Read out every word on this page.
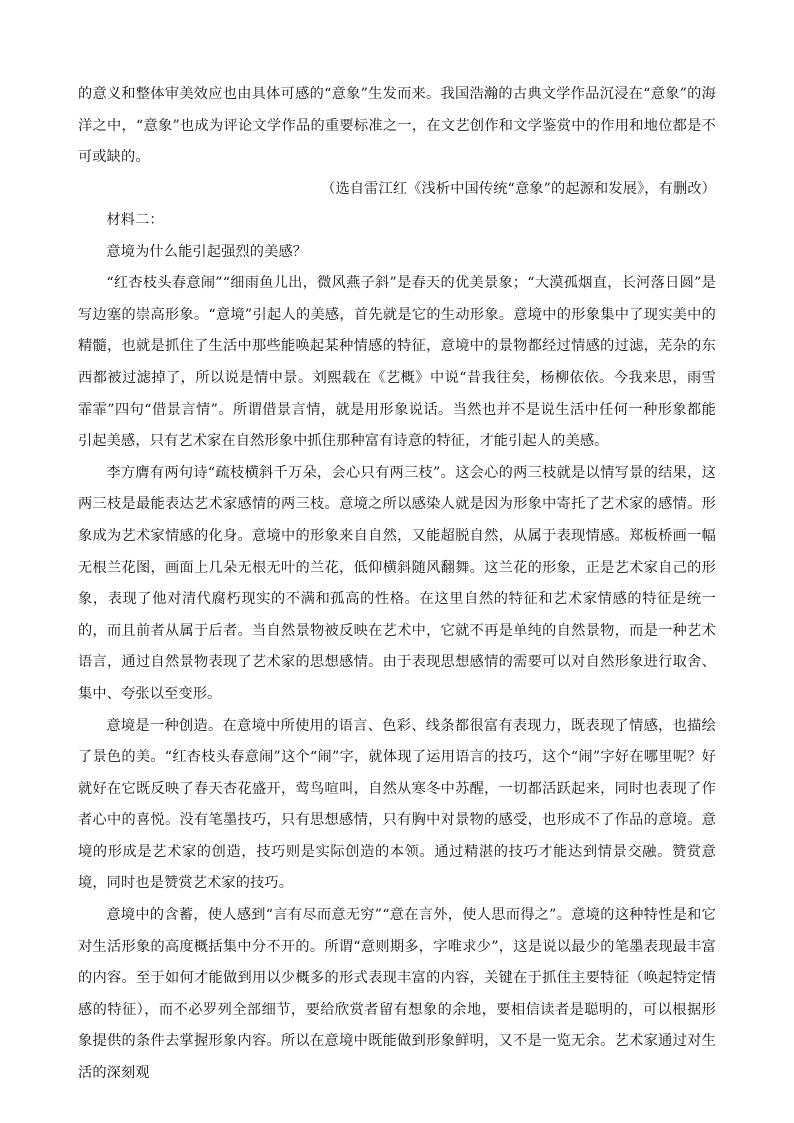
的意义和整体审美效应也由具体可感的“意象”生发而来。我国浩瀚的古典文学作品沉浸在“意象”的海洋之中，“意象”也成为评论文学作品的重要标准之一，在文艺创作和文学鉴赏中的作用和地位都是不可或缺的。

（选自雷江红《浅析中国传统“意象”的起源和发展》，有删改）

材料二：

意境为什么能引起强烈的美感？

“红杏枝头春意闹”“细雨鱼儿出，微风燕子斜”是春天的优美景象；“大漠孤烟直，长河落日圆”是写边塞的崇高形象。“意境”引起人的美感，首先就是它的生动形象。意境中的形象集中了现实美中的精髓，也就是抓住了生活中那些能唤起某种情感的特征，意境中的景物都经过情感的过滤，芜杂的东西都被过滤掉了，所以说是情中景。刘熙载在《艺概》中说“昔我往矣，杨柳依依。今我来思，雨雪霏霏”四句“借景言情”。所谓借景言情，就是用形象说话。当然也并不是说生活中任何一种形象都能引起美感，只有艺术家在自然形象中抓住那种富有诗意的特征，才能引起人的美感。

李方膺有两句诗“疏枝横斜千万朵，会心只有两三枝”。这会心的两三枝就是以情写景的结果，这两三枝是最能表达艺术家感情的两三枝。意境之所以感染人就是因为形象中寄托了艺术家的感情。形象成为艺术家情感的化身。意境中的形象来自自然，又能超脱自然，从属于表现情感。郑板桥画一幅无根兰花图，画面上几朵无根无叶的兰花，低仰横斜随风翻舞。这兰花的形象，正是艺术家自己的形象，表现了他对清代腐朽现实的不满和孤高的性格。在这里自然的特征和艺术家情感的特征是统一的，而且前者从属于后者。当自然景物被反映在艺术中，它就不再是单纯的自然景物，而是一种艺术语言，通过自然景物表现了艺术家的思想感情。由于表现思想感情的需要可以对自然形象进行取舍、集中、夸张以至变形。

意境是一种创造。在意境中所使用的语言、色彩、线条都很富有表现力，既表现了情感，也描绘了景色的美。“红杏枝头春意闹”这个“闹”字，就体现了运用语言的技巧，这个“闹”字好在哪里呢？好就好在它既反映了春天杏花盛开，莺鸟喧叫，自然从寒冬中苏醒，一切都活跃起来，同时也表现了作者心中的喜悦。没有笔墨技巧，只有思想感情，只有胸中对景物的感受，也形成不了作品的意境。意境的形成是艺术家的创造，技巧则是实际创造的本领。通过精湛的技巧才能达到情景交融。赞赏意境，同时也是赞赏艺术家的技巧。

意境中的含蓄，使人感到“言有尽而意无穷”“意在言外，使人思而得之”。意境的这种特性是和它对生活形象的高度概括集中分不开的。所谓“意则期多，字唯求少”，这是说以最少的笔墨表现最丰富的内容。至于如何才能做到用以少概多的形式表现丰富的内容，关键在于抓住主要特征（唤起特定情感的特征），而不必罗列全部细节，要给欣赏者留有想象的余地，要相信读者是聪明的，可以根据形象提供的条件去掌握形象内容。所以在意境中既能做到形象鲜明，又不是一览无余。艺术家通过对生活的深刻观
